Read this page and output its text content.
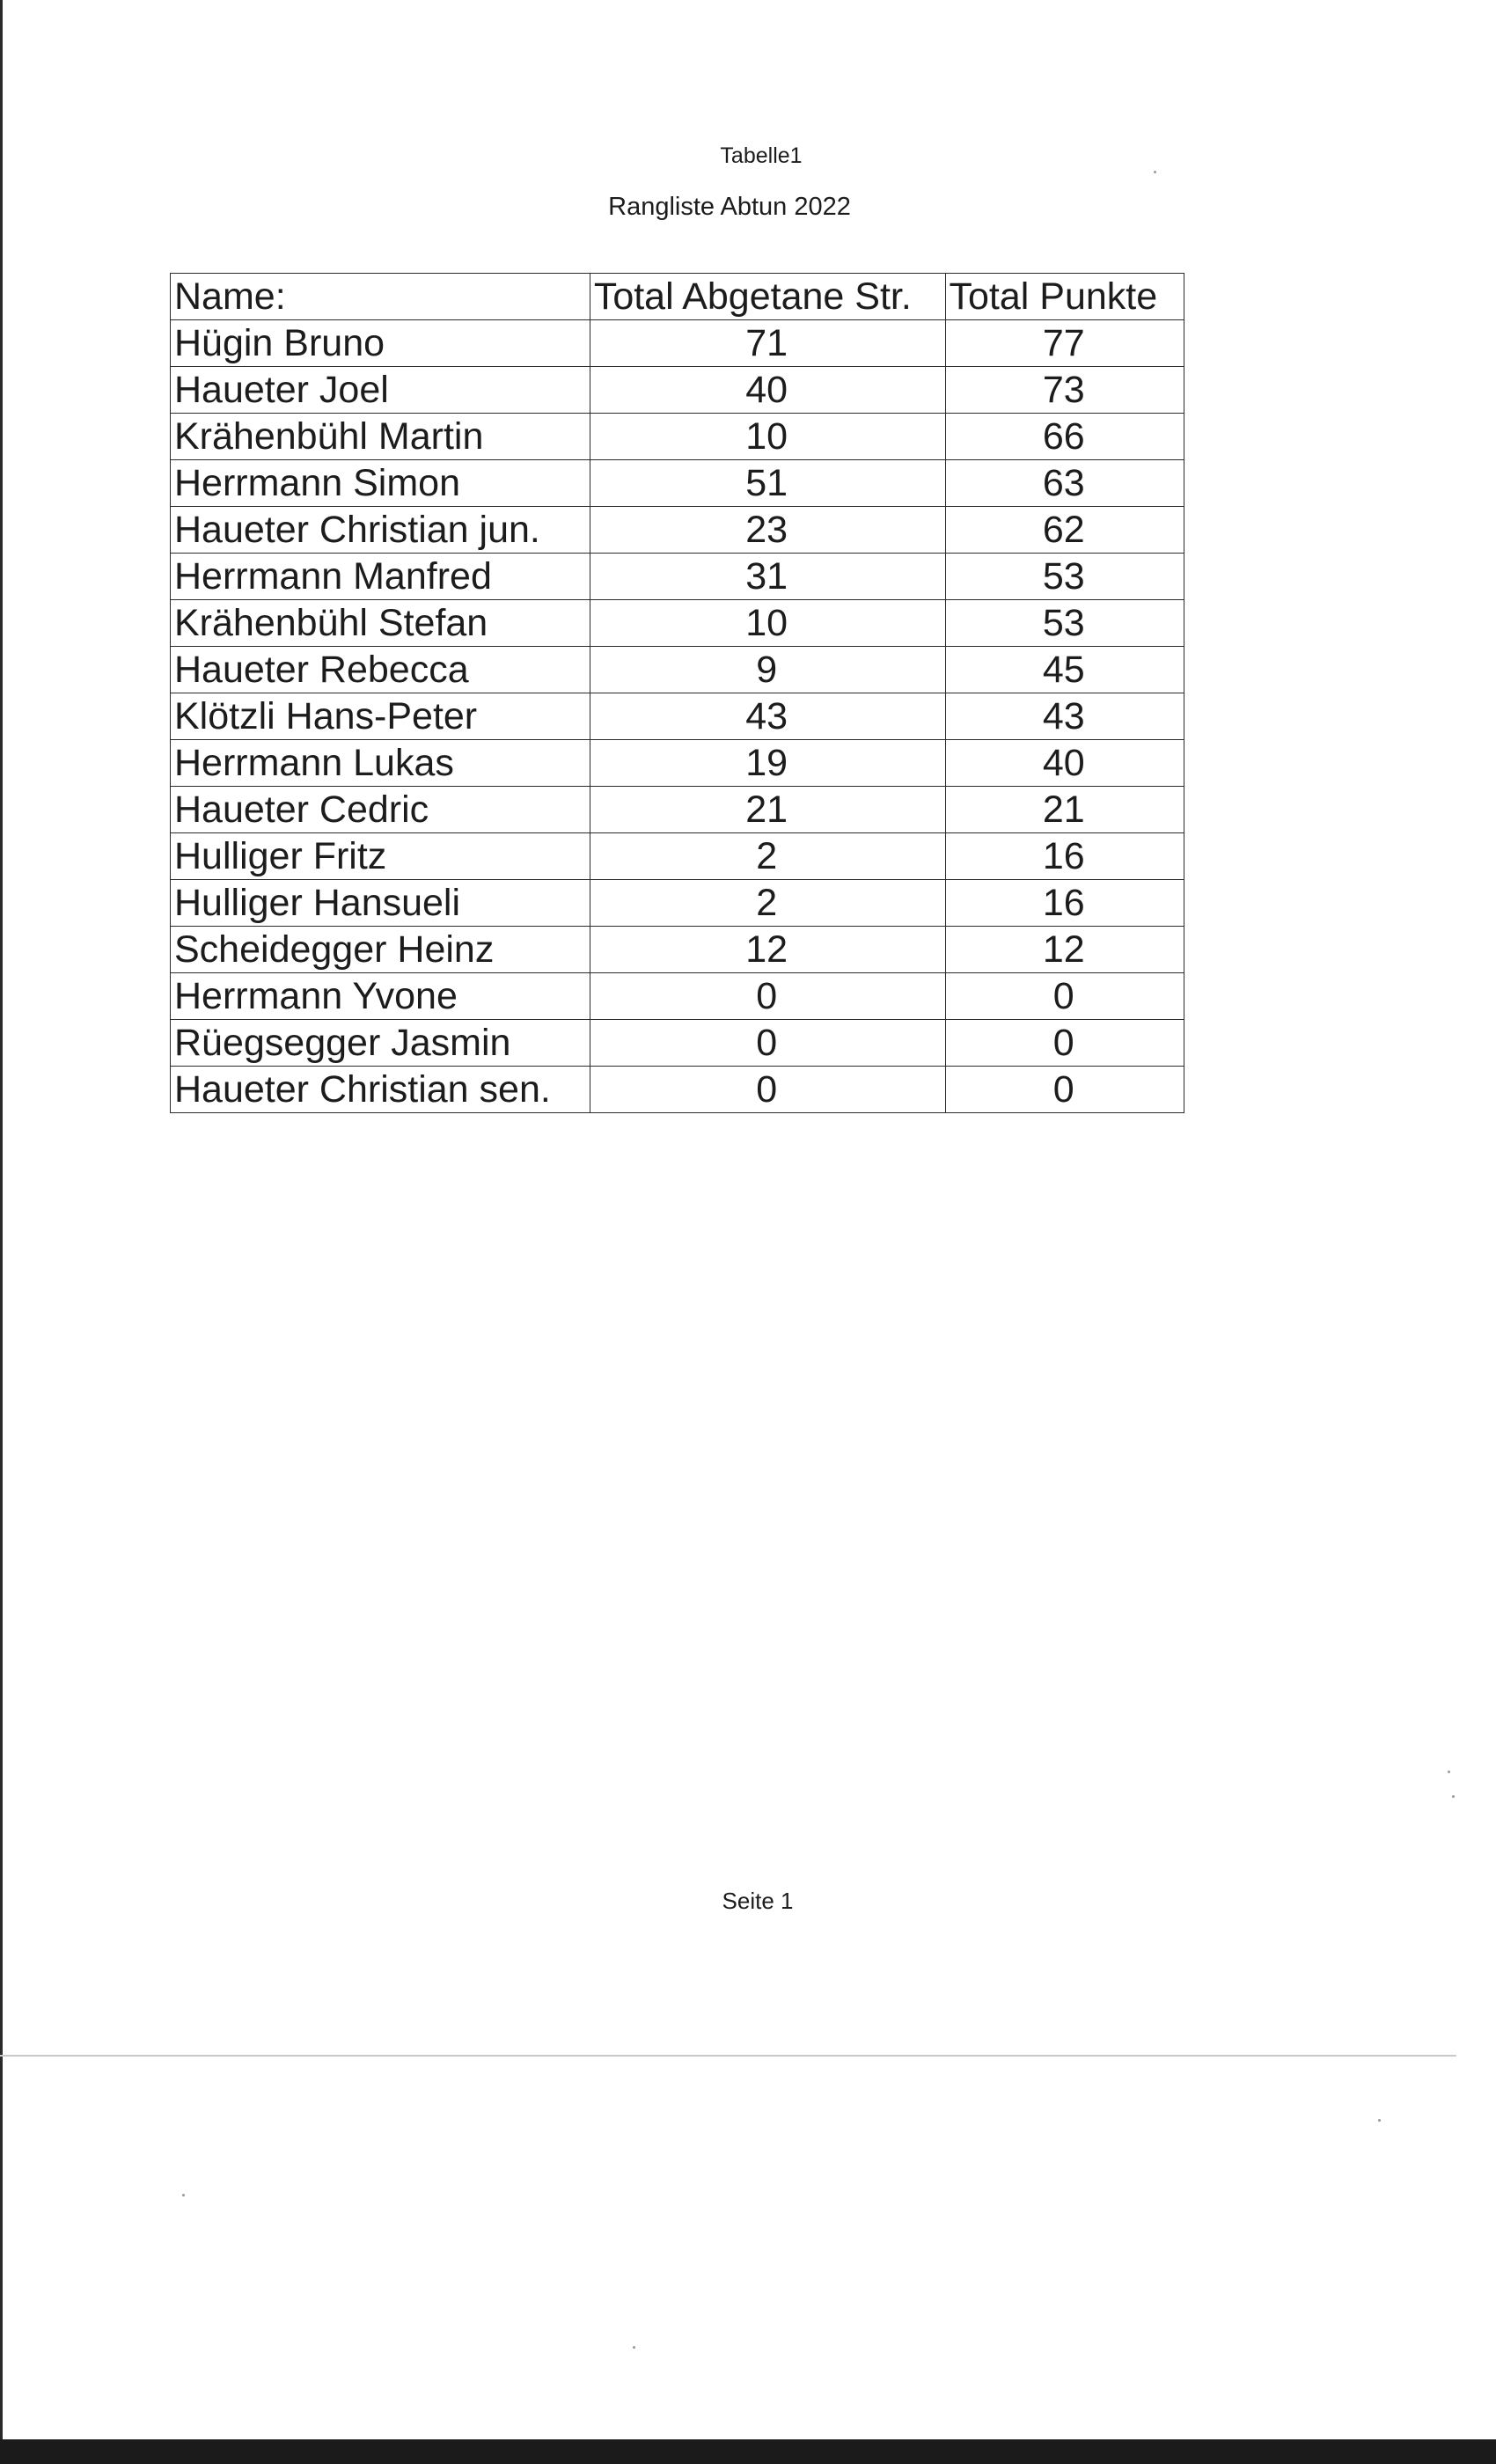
Tabelle1
Rangliste Abtun 2022
Name:	Total Abgetane Str.	Total Punkte
Hügin Bruno	71	77
Haueter Joel	40	73
Krähenbühl Martin	10	66
Herrmann Simon	51	63
Haueter Christian jun.	23	62
Herrmann Manfred	31	53
Krähenbühl Stefan	10	53
Haueter Rebecca	9	45
Klötzli Hans-Peter	43	43
Herrmann Lukas	19	40
Haueter Cedric	21	21
Hulliger Fritz	2	16
Hulliger Hansueli	2	16
Scheidegger Heinz	12	12
Herrmann Yvone	0	0
Rüegsegger Jasmin	0	0
Haueter Christian sen.	0	0
Seite 1
